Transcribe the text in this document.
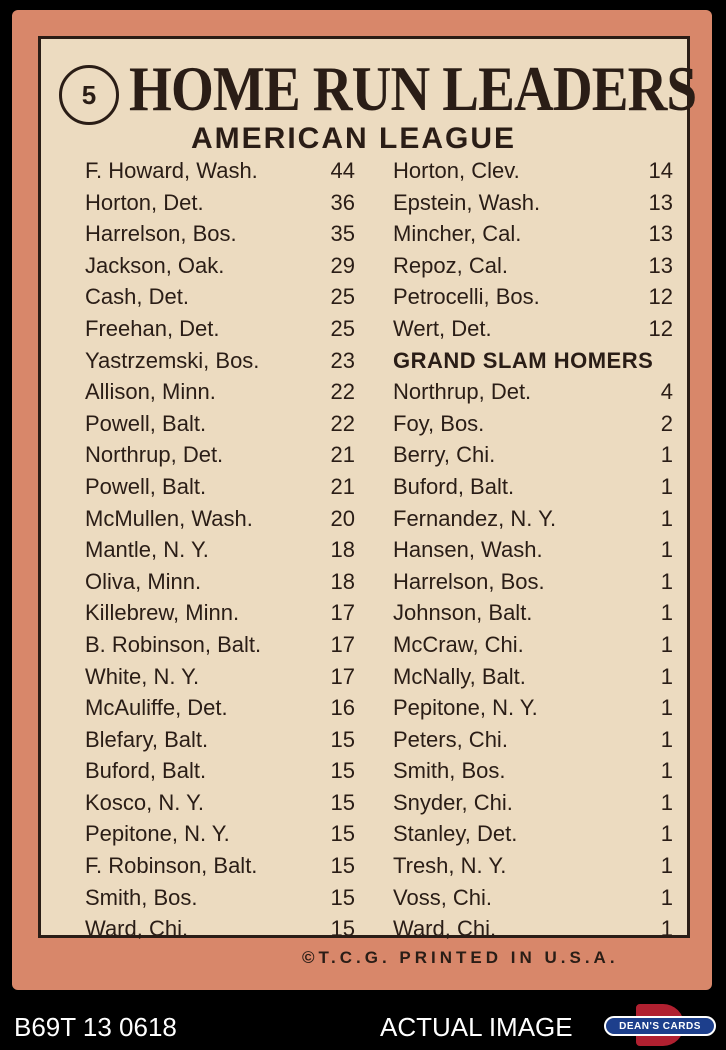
5 HOME RUN LEADERS
AMERICAN LEAGUE
F. Howard, Wash.	44
Horton, Det.	36
Harrelson, Bos.	35
Jackson, Oak.	29
Cash, Det.	25
Freehan, Det.	25
Yastrzemski, Bos.	23
Allison, Minn.	22
Powell, Balt.	22
Northrup, Det.	21
Powell, Balt.	21
McMullen, Wash.	20
Mantle, N. Y.	18
Oliva, Minn.	18
Killebrew, Minn.	17
B. Robinson, Balt.	17
White, N. Y.	17
McAuliffe, Det.	16
Blefary, Balt.	15
Buford, Balt.	15
Kosco, N. Y.	15
Pepitone, N. Y.	15
F. Robinson, Balt.	15
Smith, Bos.	15
Ward, Chi.	15
Horton, Clev.	14
Epstein, Wash.	13
Mincher, Cal.	13
Repoz, Cal.	13
Petrocelli, Bos.	12
Wert, Det.	12
GRAND SLAM HOMERS
Northrup, Det.	4
Foy, Bos.	2
Berry, Chi.	1
Buford, Balt.	1
Fernandez, N. Y.	1
Hansen, Wash.	1
Harrelson, Bos.	1
Johnson, Balt.	1
McCraw, Chi.	1
McNally, Balt.	1
Pepitone, N. Y.	1
Peters, Chi.	1
Smith, Bos.	1
Snyder, Chi.	1
Stanley, Det.	1
Tresh, N. Y.	1
Voss, Chi.	1
Ward, Chi.	1
©T.C.G. PRINTED IN U.S.A.
B69T 13 0618	ACTUAL IMAGE	DEAN'S CARDS
